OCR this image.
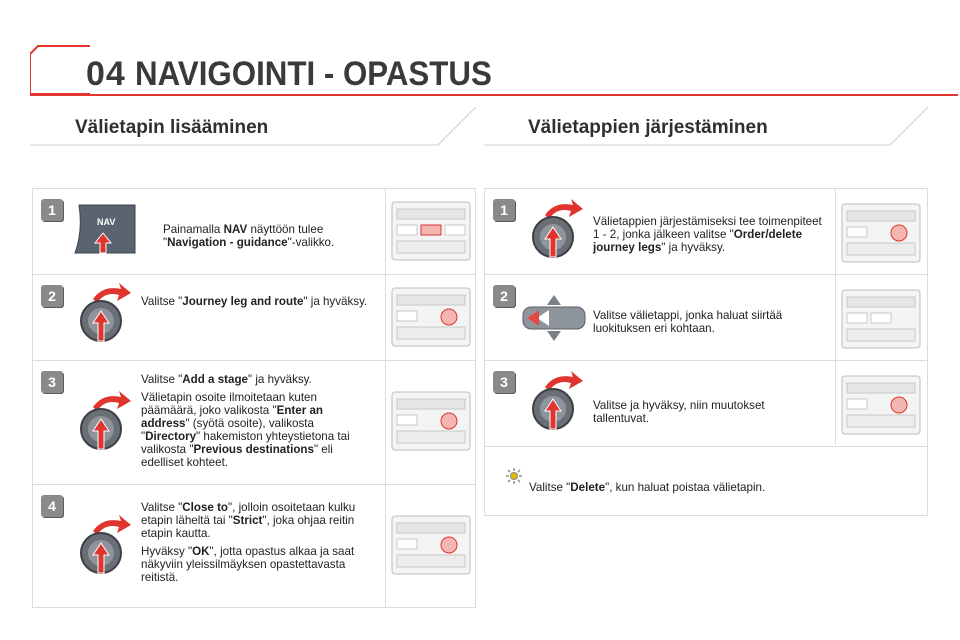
04 NAVIGOINTI - OPASTUS
Välietapin lisääminen
1
NAV

Painamalla NAV näyttöön tulee
"Navigation - guidance"-valikko.

2	Valitse "Journey leg and route" ja hyväksy.

3	Valitse "Add a stage" ja hyväksy.

Välietapin osoite ilmoitetaan kuten päämäärä, joko valikosta "Enter an address" (syötä osoite), valikosta "Directory" hakemiston yhteystietona tai valikosta "Previous destinations" eli edelliset kohteet.

4	Valitse "Close to", jolloin osoitetaan kulku etapin läheltä tai "Strict", joka ohjaa reitin etapin kautta.

Hyväksy "OK", jotta opastus alkaa ja saat näkyviin yleissilmäyksen opastettavasta reitistä.

Välietappien järjestäminen
1

Välietappien järjestämiseksi tee toimenpiteet 1 - 2, jonka jälkeen valitse "Order/delete journey legs" ja hyväksy.

2

Valitse välietappi, jonka haluat siirtää luokituksen eri kohtaan.

3

Valitse ja hyväksy, niin muutokset tallentuvat.

Valitse "Delete", kun haluat poistaa välietapin.
